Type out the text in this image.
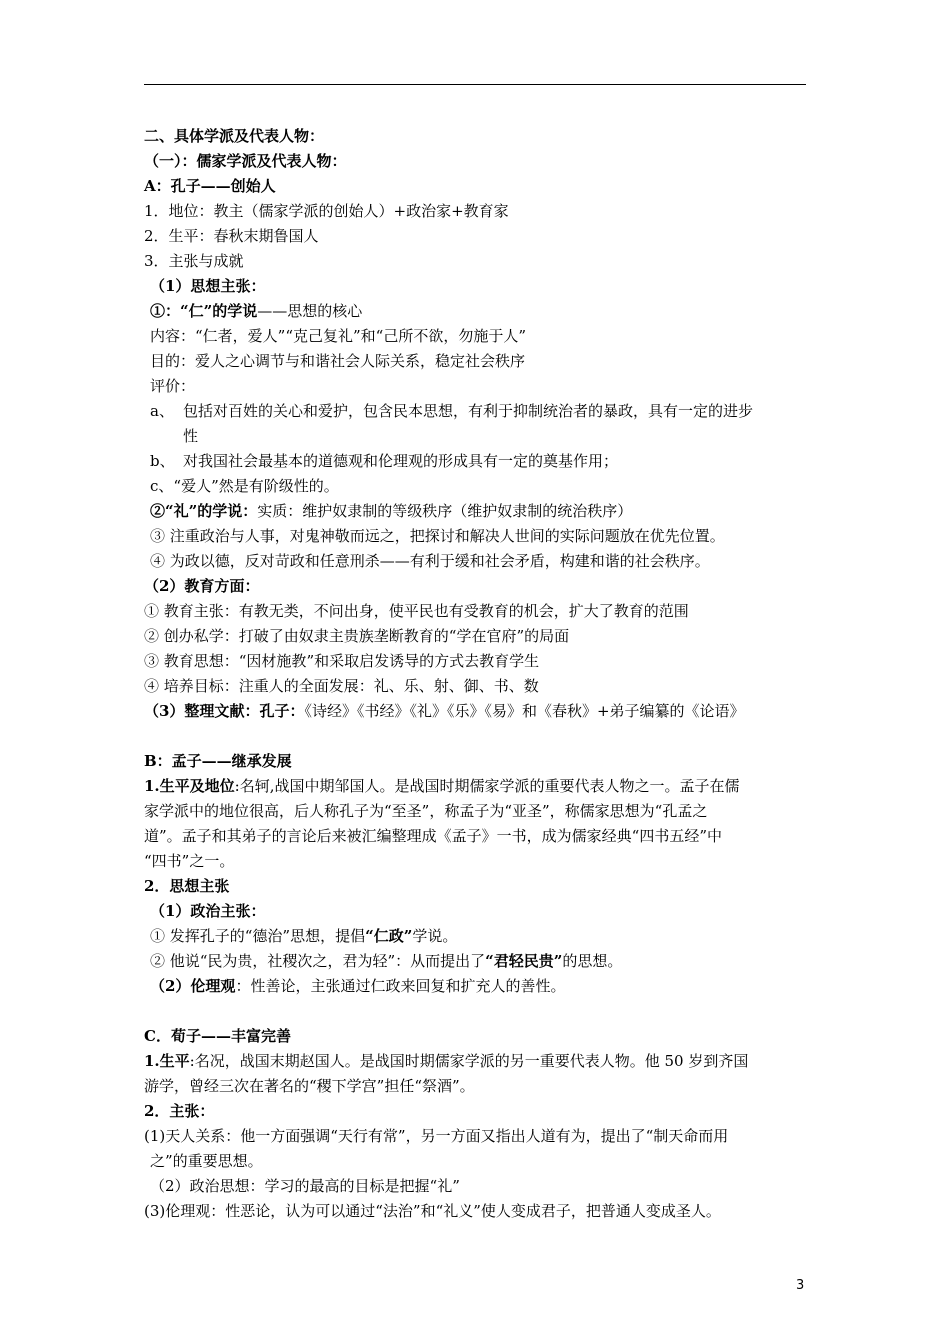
二、具体学派及代表人物：
（一）：儒家学派及代表人物：
A：孔子——创始人
1．地位：教主（儒家学派的创始人）+政治家+教育家
2．生平：春秋末期鲁国人
3．主张与成就
（1）思想主张：
①：“仁”的学说——思想的核心
内容：“仁者，爱人”“克己复礼”和“己所不欲，勿施于人”
目的：爱人之心调节与和谐社会人际关系，稳定社会秩序
评价：
a、 包括对百姓的关心和爱护，包含民本思想，有利于抑制统治者的暴政，具有一定的进步
性
b、 对我国社会最基本的道德观和伦理观的形成具有一定的奠基作用；
c、“爱人”然是有阶级性的。
②“礼”的学说：实质：维护奴隶制的等级秩序（维护奴隶制的统治秩序）
③ 注重政治与人事，对鬼神敬而远之，把探讨和解决人世间的实际问题放在优先位置。
④ 为政以德，反对苛政和任意刑杀——有利于缓和社会矛盾，构建和谐的社会秩序。
（2）教育方面：
① 教育主张：有教无类，不问出身，使平民也有受教育的机会，扩大了教育的范围
② 创办私学：打破了由奴隶主贵族垄断教育的“学在官府”的局面
③ 教育思想：“因材施教”和采取启发诱导的方式去教育学生
④ 培养目标：注重人的全面发展：礼、乐、射、御、书、数
（3）整理文献：孔子：《诗经》《书经》《礼》《乐》《易》和《春秋》+弟子编纂的《论语》
B：孟子——继承发展
1.生平及地位:名轲,战国中期邹国人。是战国时期儒家学派的重要代表人物之一。孟子在儒
家学派中的地位很高，后人称孔子为“至圣”，称孟子为“亚圣”，称儒家思想为“孔孟之
道”。孟子和其弟子的言论后来被汇编整理成《孟子》一书，成为儒家经典“四书五经”中
“四书”之一。
2．思想主张
（1）政治主张：
① 发挥孔子的“德治”思想，提倡“仁政”学说。
② 他说“民为贵，社稷次之，君为轻”：从而提出了“君轻民贵”的思想。
（2）伦理观：性善论，主张通过仁政来回复和扩充人的善性。
C．荀子——丰富完善
1.生平:名况，战国末期赵国人。是战国时期儒家学派的另一重要代表人物。他 50 岁到齐国
游学，曾经三次在著名的“稷下学宫”担任“祭酒”。
2．主张：
(1)天人关系：他一方面强调“天行有常”，另一方面又指出人道有为，提出了“制天命而用
之”的重要思想。
（2）政治思想：学习的最高的目标是把握“礼”
(3)伦理观：性恶论，认为可以通过“法治”和“礼义”使人变成君子，把普通人变成圣人。
3
